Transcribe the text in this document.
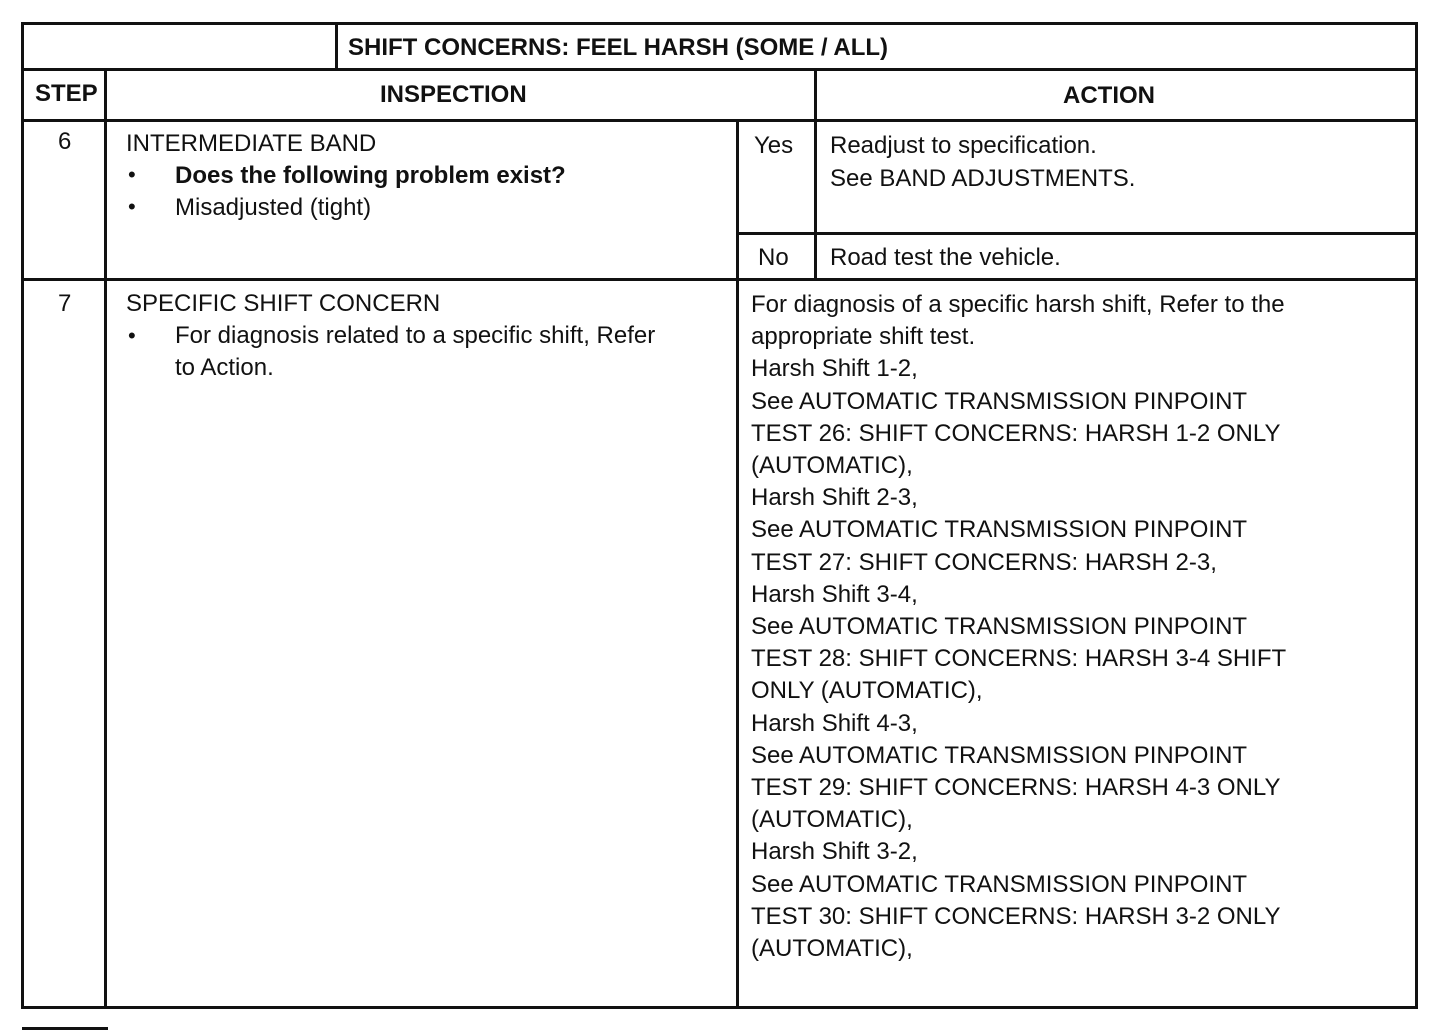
SHIFT CONCERNS: FEEL HARSH (SOME / ALL)
STEP	INSPECTION	ACTION
6 INTERMEDIATE BAND
• Does the following problem exist?
• Misadjusted (tight)
Yes Readjust to specification.
See BAND ADJUSTMENTS.
No Road test the vehicle.
7 SPECIFIC SHIFT CONCERN
• For diagnosis related to a specific shift, Refer
to Action.
For diagnosis of a specific harsh shift, Refer to the
appropriate shift test.
Harsh Shift 1-2,
See AUTOMATIC TRANSMISSION PINPOINT
TEST 26: SHIFT CONCERNS: HARSH 1-2 ONLY
(AUTOMATIC),
Harsh Shift 2-3,
See AUTOMATIC TRANSMISSION PINPOINT
TEST 27: SHIFT CONCERNS: HARSH 2-3,
Harsh Shift 3-4,
See AUTOMATIC TRANSMISSION PINPOINT
TEST 28: SHIFT CONCERNS: HARSH 3-4 SHIFT
ONLY (AUTOMATIC),
Harsh Shift 4-3,
See AUTOMATIC TRANSMISSION PINPOINT
TEST 29: SHIFT CONCERNS: HARSH 4-3 ONLY
(AUTOMATIC),
Harsh Shift 3-2,
See AUTOMATIC TRANSMISSION PINPOINT
TEST 30: SHIFT CONCERNS: HARSH 3-2 ONLY
(AUTOMATIC),
